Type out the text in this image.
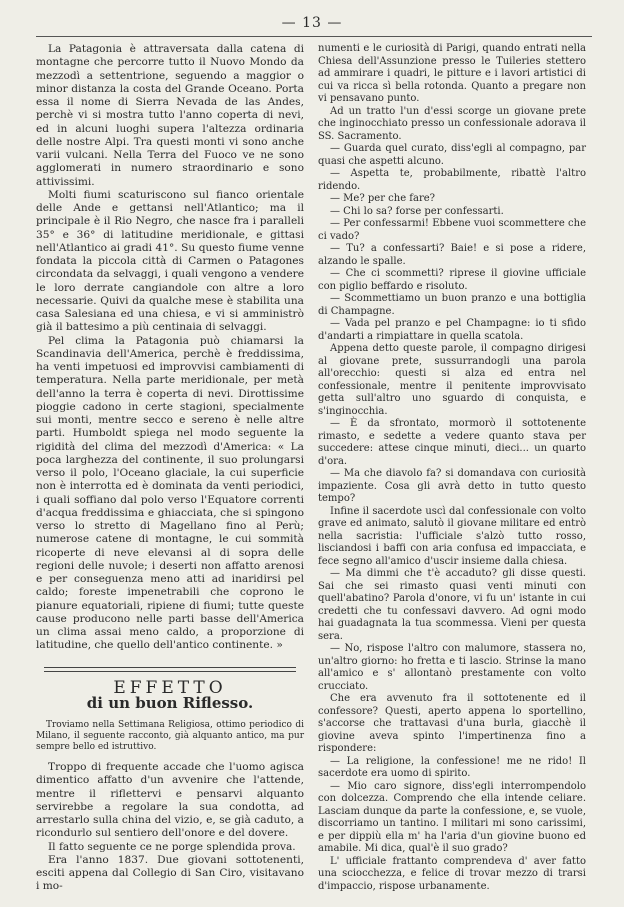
— 13 —

La Patagonia è attraversata dalla catena di montagne che percorre tutto il Nuovo Mondo da mezzodì a settentrione, seguendo a maggior o minor distanza la costa del Grande Oceano. Porta essa il nome di Sierra Nevada de las Andes, perchè vi si mostra tutto l'anno coperta di nevi, ed in alcuni luoghi supera l'altezza ordinaria delle nostre Alpi. Tra questi monti vi sono anche varii vulcani. Nella Terra del Fuoco ve ne sono agglomerati in numero straordinario e sono attivissimi.

Molti fiumi scaturiscono sul fianco orientale delle Ande e gettansi nell'Atlantico; ma il principale è il Rio Negro, che nasce fra i paralleli 35° e 36° di latitudine meridionale, e gittasi nell'Atlantico ai gradi 41°. Su questo fiume venne fondata la piccola città di Carmen o Patagones circondata da selvaggi, i quali vengono a vendere le loro derrate cangiandole con altre a loro necessarie. Quivi da qualche mese è stabilita una casa Salesiana ed una chiesa, e vi si amministrò già il battesimo a più centinaia di selvaggi.

Pel clima la Patagonia può chiamarsi la Scandinavia dell'America, perchè è freddissima, ha venti impetuosi ed improvvisi cambiamenti di temperatura. Nella parte meridionale, per metà dell'anno la terra è coperta di nevi. Dirottissime pioggie cadono in certe stagioni, specialmente sui monti, mentre secco e sereno è nelle altre parti. Humboldt spiega nel modo seguente la rigidità del clima del mezzodì d'America: « La poca larghezza del continente, il suo prolungarsi verso il polo, l'Oceano glaciale, la cui superficie non è interrotta ed è dominata da venti periodici, i quali soffiano dal polo verso l'Equatore correnti d'acqua freddissima e ghiacciata, che si spingono verso lo stretto di Magellano fino al Perù; numerose catene di montagne, le cui sommità ricoperte di neve elevansi al di sopra delle regioni delle nuvole; i deserti non affatto arenosi e per conseguenza meno atti ad inaridirsi pel caldo; foreste impenetrabili che coprono le pianure equatoriali, ripiene di fiumi; tutte queste cause producono nelle parti basse dell'America un clima assai meno caldo, a proporzione di latitudine, che quello dell'antico continente. »

EFFETTO
di un buon Riflesso.
Troviamo nella Settimana Religiosa, ottimo periodico di Milano, il seguente racconto, già alquanto antico, ma pur sempre bello ed istruttivo.

Troppo di frequente accade che l'uomo agisca dimentico affatto d'un avvenire che l'attende, mentre il riflettervi e pensarvi alquanto servirebbe a regolare la sua condotta, ad arrestarlo sulla china del vizio, e, se già caduto, a ricondurlo sul sentiero dell'onore e del dovere.

Il fatto seguente ce ne porge splendida prova.

Era l'anno 1837. Due giovani sottotenenti, esciti appena dal Collegio di San Ciro, visitavano i mo-

numenti e le curiosità di Parigi, quando entrati nella Chiesa dell'Assunzione presso le Tuileries stettero ad ammirare i quadri, le pitture e i lavori artistici di cui va ricca sì bella rotonda. Quanto a pregare non vi pensavano punto.

Ad un tratto l'un d'essi scorge un giovane prete che inginocchiato presso un confessionale adorava il SS. Sacramento.

— Guarda quel curato, diss'egli al compagno, par quasi che aspetti alcuno.

— Aspetta te, probabilmente, ribattè l'altro ridendo.

— Me? per che fare?

— Chi lo sa? forse per confessarti.

— Per confessarmi! Ebbene vuoi scommettere che ci vado?

— Tu? a confessarti? Baie! e si pose a ridere, alzando le spalle.

— Che ci scommetti? riprese il giovine ufficiale con piglio beffardo e risoluto.

— Scommettiamo un buon pranzo e una bottiglia di Champagne.

— Vada pel pranzo e pel Champagne: io ti sfido d'andarti a rimpiattare in quella scatola.

Appena detto queste parole, il compagno dirigesi al giovane prete, sussurrandogli una parola all'orecchio: questi si alza ed entra nel confessionale, mentre il penitente improvvisato getta sull'altro uno sguardo di conquista, e s'inginocchia.

— È da sfrontato, mormorò il sottotenente rimasto, e sedette a vedere quanto stava per succedere: attese cinque minuti, dieci... un quarto d'ora.

— Ma che diavolo fa? si domandava con curiosità impaziente. Cosa gli avrà detto in tutto questo tempo?

Infine il sacerdote uscì dal confessionale con volto grave ed animato, salutò il giovane militare ed entrò nella sacristia: l'ufficiale s'alzò tutto rosso, lisciandosi i baffi con aria confusa ed impacciata, e fece segno all'amico d'uscir insieme dalla chiesa.

— Ma dimmi che t'è accaduto? gli disse questi. Sai che sei rimasto quasi venti minuti con quell'abatino? Parola d'onore, vi fu un' istante in cui credetti che tu confessavi davvero. Ad ogni modo hai guadagnata la tua scommessa. Vieni per questa sera.

— No, rispose l'altro con malumore, stassera no, un'altro giorno: ho fretta e ti lascio. Strinse la mano all'amico e s' allontanò prestamente con volto crucciato.

Che era avvenuto fra il sottotenente ed il confessore? Questi, aperto appena lo sportellino, s'accorse che trattavasi d'una burla, giacchè il giovine aveva spinto l'impertinenza fino a rispondere:

— La religione, la confessione! me ne rido! Il sacerdote era uomo di spirito.

— Mio caro signore, diss'egli interrompendolo con dolcezza. Comprendo che ella intende celiare. Lasciam dunque da parte la confessione, e, se vuole, discorriamo un tantino. I militari mi sono carissimi, e per dippiù ella m' ha l'aria d'un giovine buono ed amabile. Mi dica, qual'è il suo grado?

L' ufficiale frattanto comprendeva d' aver fatto una sciocchezza, e felice di trovar mezzo di trarsi d'impaccio, rispose urbanamente.
